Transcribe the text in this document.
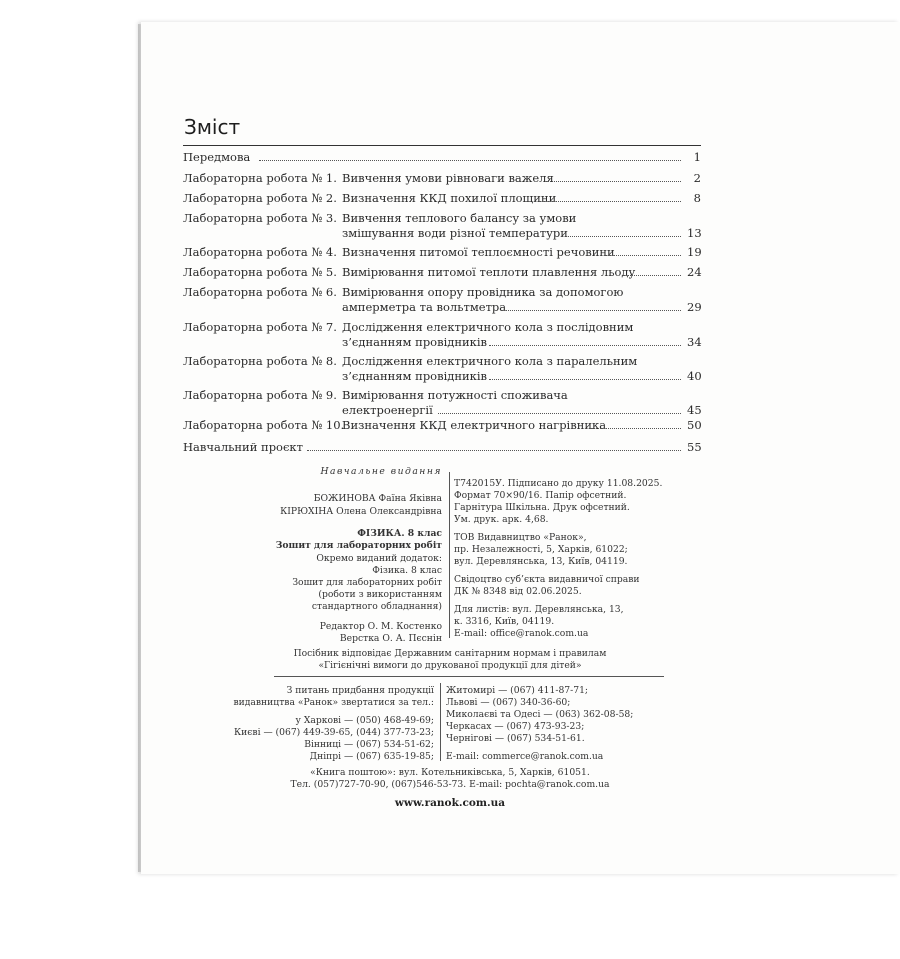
Зміст
Передмова	1
Лабораторна робота № 1. Вивчення умови рівноваги важеля	2
Лабораторна робота № 2. Визначення ККД похилої площини	8
Лабораторна робота № 3. Вивчення теплового балансу за умови
змішування води різної температури	13
Лабораторна робота № 4. Визначення питомої теплоємності речовини	19
Лабораторна робота № 5. Вимірювання питомої теплоти плавлення льоду	24
Лабораторна робота № 6. Вимірювання опору провідника за допомогою
амперметра та вольтметра	29
Лабораторна робота № 7. Дослідження електричного кола з послідовним
з’єднанням провідників	34
Лабораторна робота № 8. Дослідження електричного кола з паралельним
з’єднанням провідників	40
Лабораторна робота № 9. Вимірювання потужності споживача
електроенергії	45
Лабораторна робота № 10.
Визначення ККД електричного нагрівника	50
Навчальний проєкт	55
Навчальне видання
БОЖИНОВА Фаїна Яківна
КІРЮХІНА Олена Олександрівна
ФІЗИКА. 8 клас
Зошит для лабораторних робіт
Окремо виданий додаток:
Фізика. 8 клас
Зошит для лабораторних робіт
(роботи з використанням
стандартного обладнання)
Редактор О. М. Костенко
Верстка О. А. Пєснін
Т742015У. Підписано до друку 11.08.2025.
Формат 70×90/16. Папір офсетний.
Гарнітура Шкільна. Друк офсетний.
Ум. друк. арк. 4,68.
ТОВ Видавництво «Ранок»,
пр. Незалежності, 5, Харків, 61022;
вул. Деревлянська, 13, Київ, 04119.
Свідоцтво суб’єкта видавничої справи
ДК № 8348 від 02.06.2025.
Для листів: вул. Деревлянська, 13,
к. 3316, Київ, 04119.
E-mail: office@ranok.com.ua
Посібник відповідає Державним санітарним нормам і правилам
«Гігієнічні вимоги до друкованої продукції для дітей»
З питань придбання продукції
видавництва «Ранок» звертатися за тел.:
у Харкові — (050) 468-49-69;
Києві — (067) 449-39-65, (044) 377-73-23;
Вінниці — (067) 534-51-62;
Дніпрі — (067) 635-19-85;
Житомирі — (067) 411-87-71;
Львові — (067) 340-36-60;
Миколаєві та Одесі — (063) 362-08-58;
Черкасах — (067) 473-93-23;
Чернігові — (067) 534-51-61.
E-mail: commerce@ranok.com.ua
«Книга поштою»: вул. Котельниківська, 5, Харків, 61051.
Тел. (057)727-70-90, (067)546-53-73. E-mail: pochta@ranok.com.ua
www.ranok.com.ua
